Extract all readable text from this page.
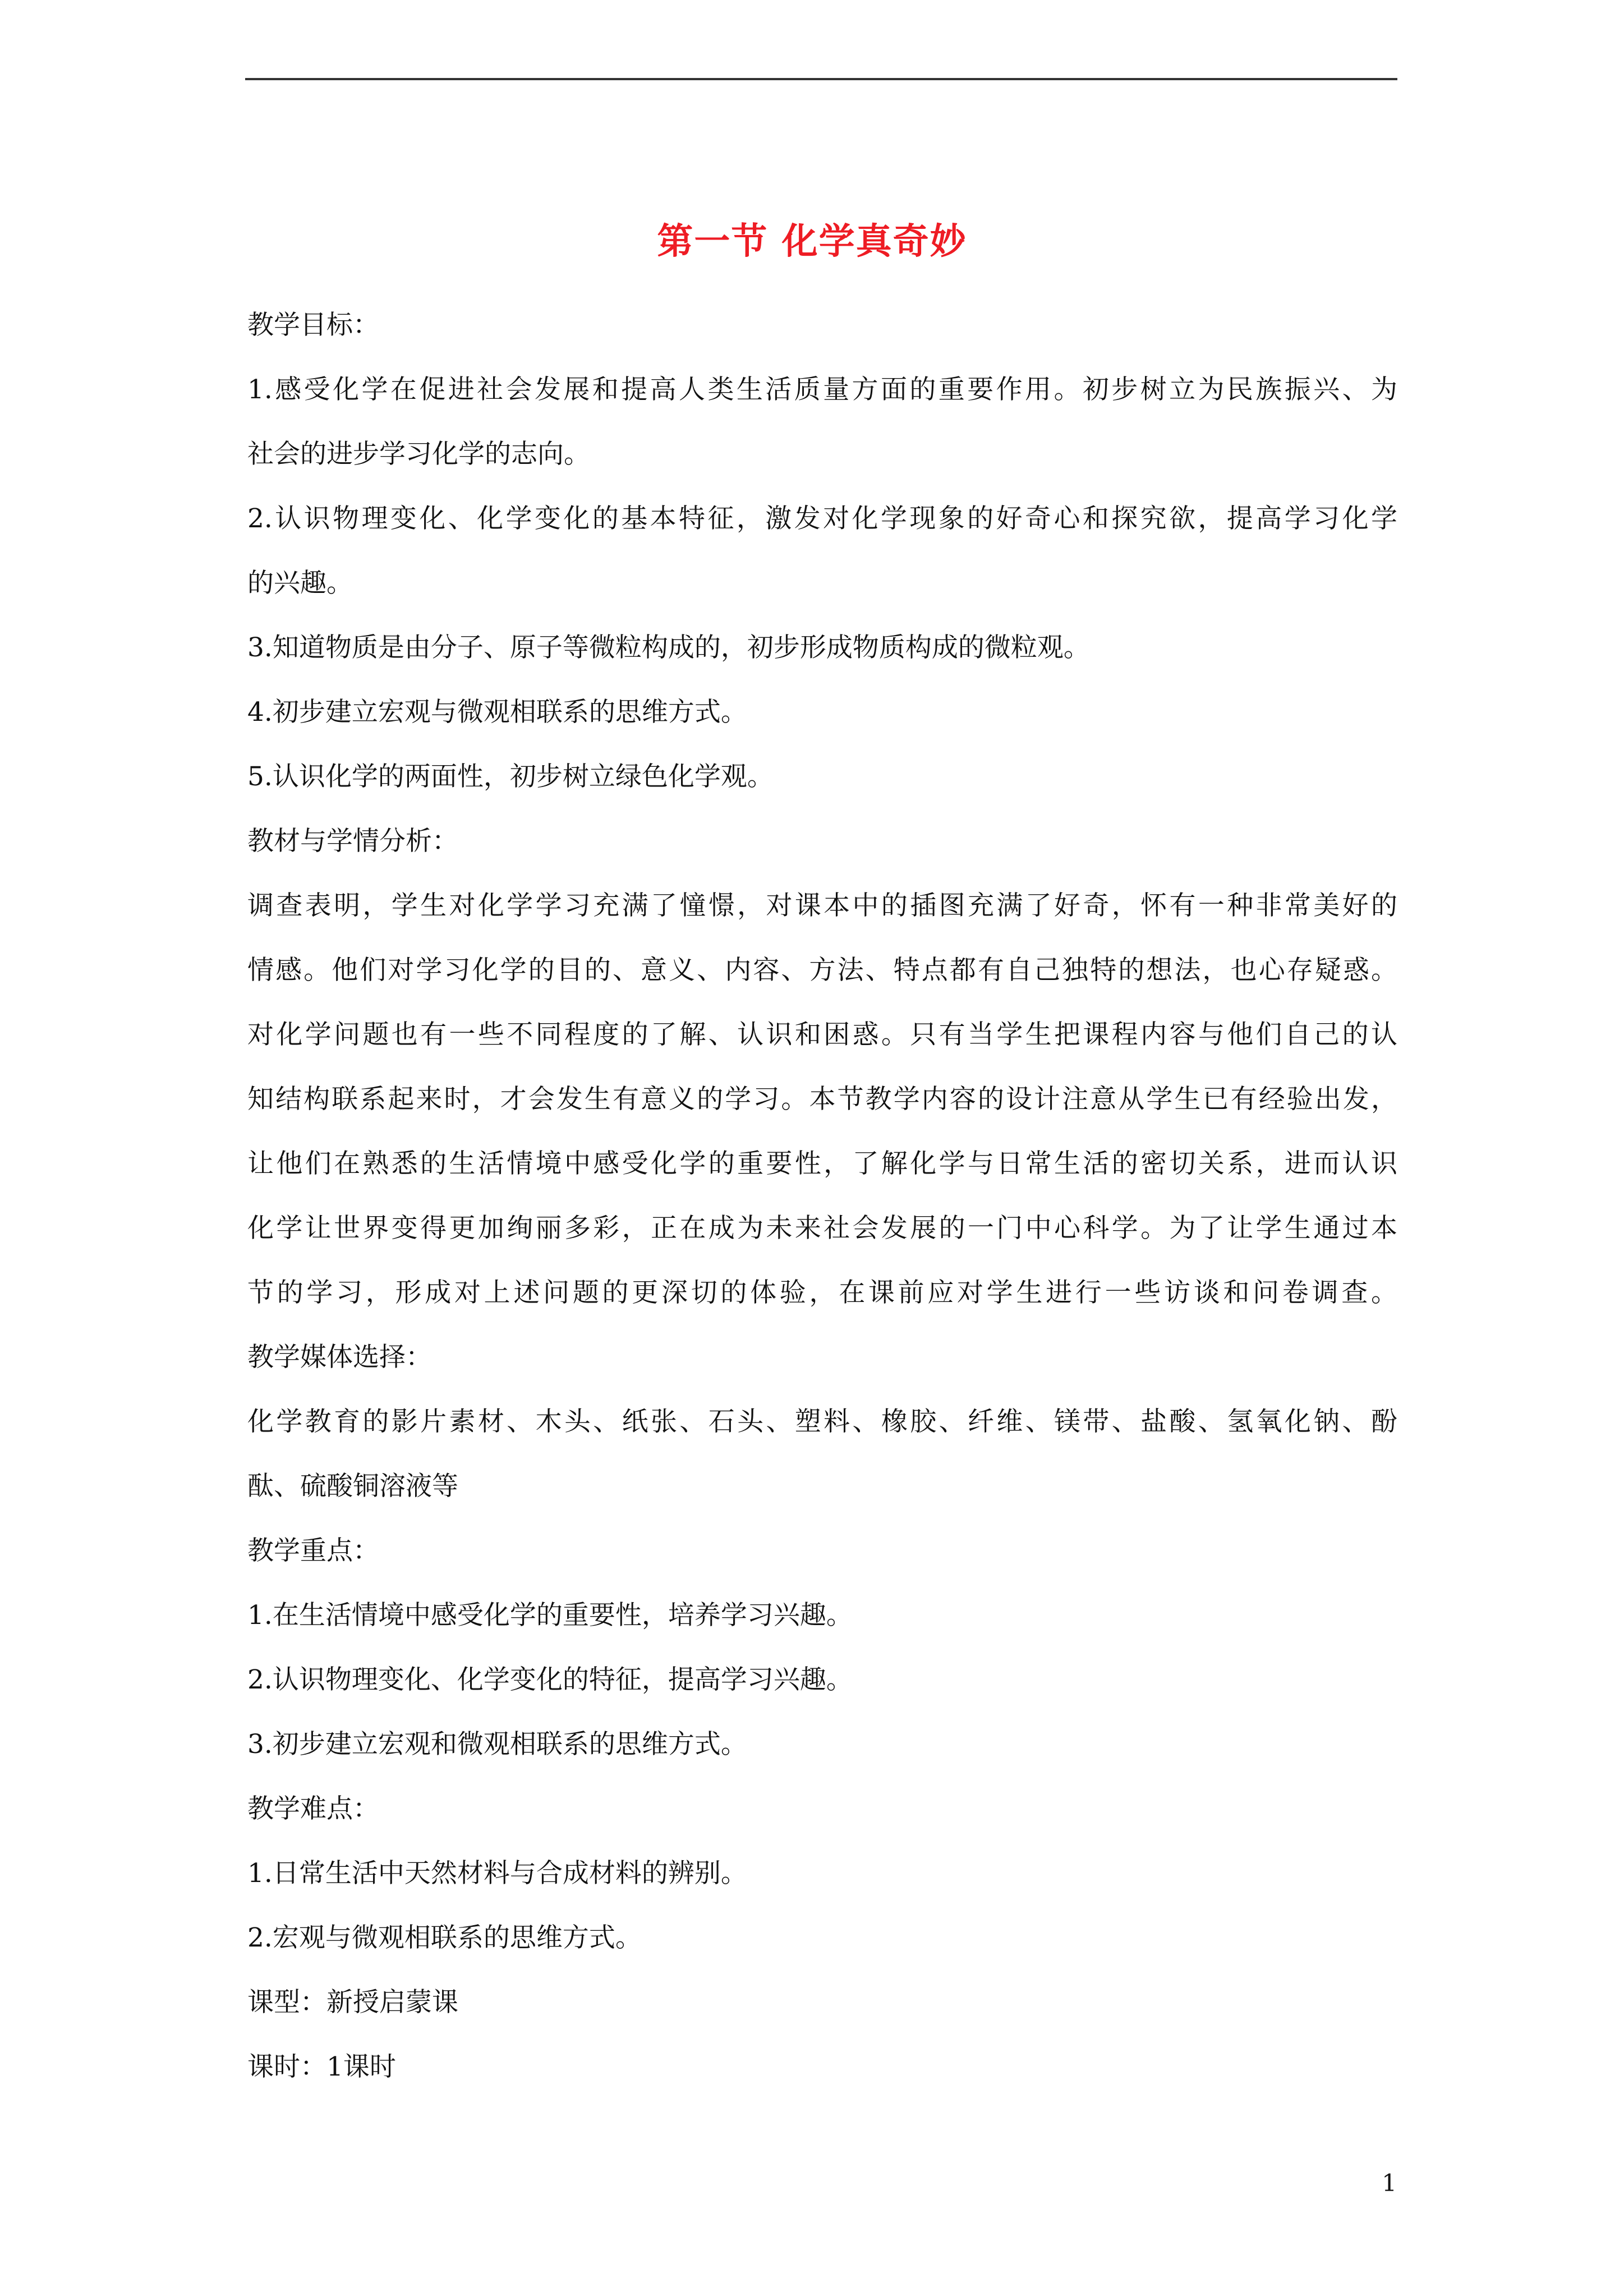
第一节 化学真奇妙

教学目标：

1.感受化学在促进社会发展和提高人类生活质量方面的重要作用。初步树立为民族振兴、为

社会的进步学习化学的志向。

2.认识物理变化、化学变化的基本特征，激发对化学现象的好奇心和探究欲，提高学习化学

的兴趣。

3.知道物质是由分子、原子等微粒构成的，初步形成物质构成的微粒观。

4.初步建立宏观与微观相联系的思维方式。

5.认识化学的两面性，初步树立绿色化学观。

教材与学情分析：

调查表明，学生对化学学习充满了憧憬，对课本中的插图充满了好奇，怀有一种非常美好的

情感。他们对学习化学的目的、意义、内容、方法、特点都有自己独特的想法，也心存疑惑。

对化学问题也有一些不同程度的了解、认识和困惑。只有当学生把课程内容与他们自己的认

知结构联系起来时，才会发生有意义的学习。本节教学内容的设计注意从学生已有经验出发，

让他们在熟悉的生活情境中感受化学的重要性，了解化学与日常生活的密切关系，进而认识

化学让世界变得更加绚丽多彩，正在成为未来社会发展的一门中心科学。为了让学生通过本

节的学习，形成对上述问题的更深切的体验，在课前应对学生进行一些访谈和问卷调查。

教学媒体选择：

化学教育的影片素材、木头、纸张、石头、塑料、橡胶、纤维、镁带、盐酸、氢氧化钠、酚

酞、硫酸铜溶液等

教学重点：

1.在生活情境中感受化学的重要性，培养学习兴趣。

2.认识物理变化、化学变化的特征，提高学习兴趣。

3.初步建立宏观和微观相联系的思维方式。

教学难点：

1.日常生活中天然材料与合成材料的辨别。

2.宏观与微观相联系的思维方式。

课型：新授启蒙课

课时：1课时

1
